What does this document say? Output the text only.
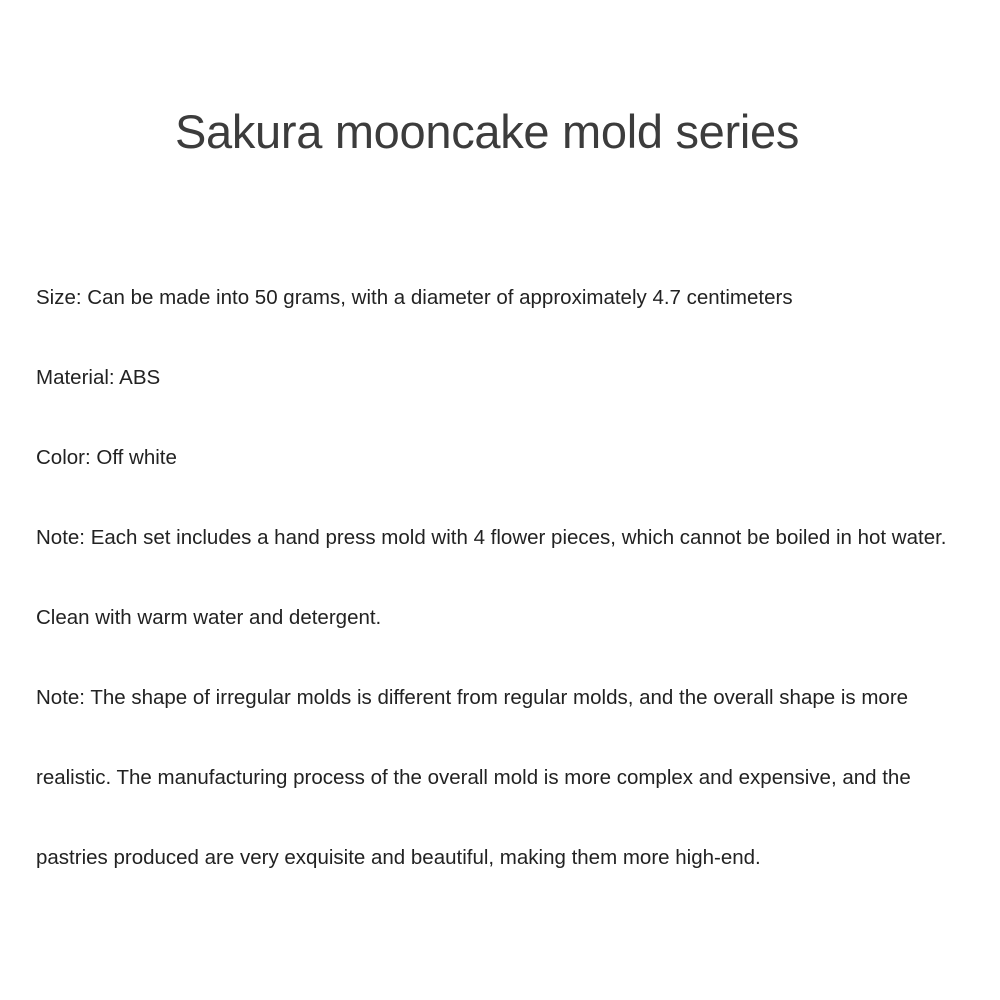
Sakura mooncake mold series

Size: Can be made into 50 grams, with a diameter of approximately 4.7 centimeters

Material: ABS

Color: Off white

Note: Each set includes a hand press mold with 4 flower pieces, which cannot be boiled in hot water. Clean with warm water and detergent.

Note: The shape of irregular molds is different from regular molds, and the overall shape is more realistic. The manufacturing process of the overall mold is more complex and expensive, and the pastries produced are very exquisite and beautiful, making them more high-end.
